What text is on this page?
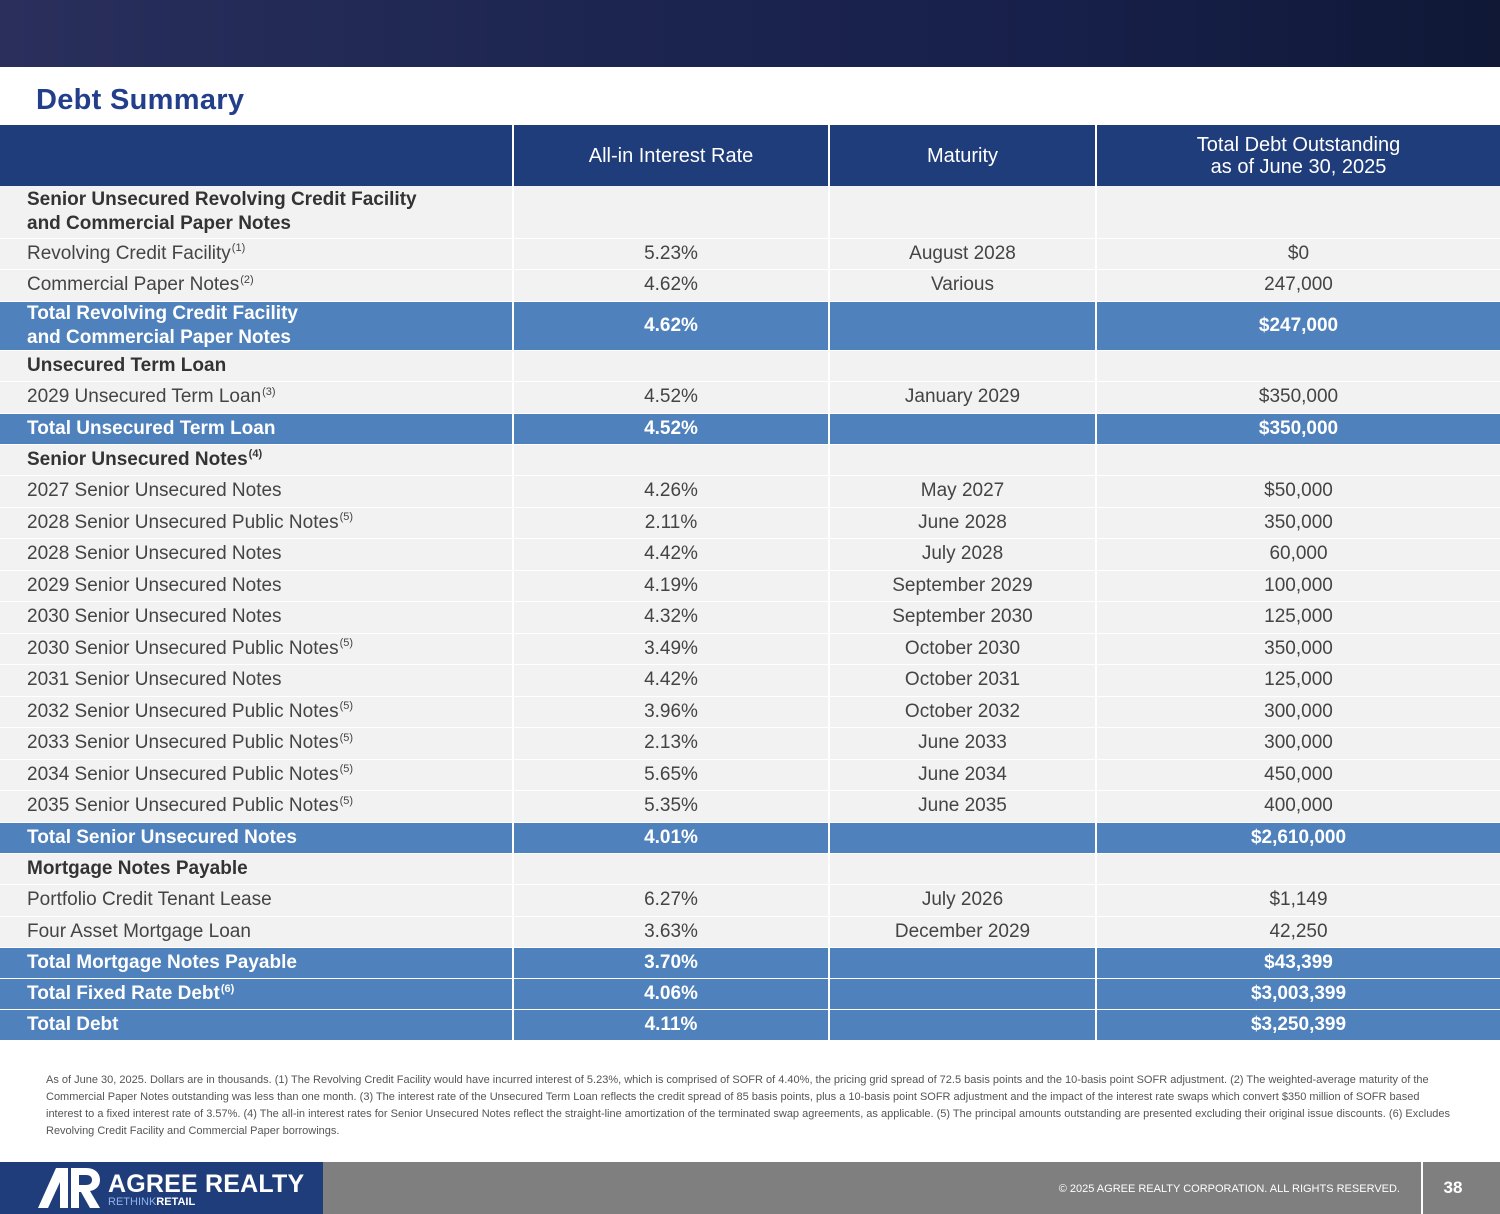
Debt Summary
	All-in Interest Rate	Maturity	Total Debt Outstanding
as of June 30, 2025

Senior Unsecured Revolving Credit Facility
and Commercial Paper Notes			

Revolving Credit Facility$^{(1)}$	5.23%	August 2028	$0
Commercial Paper Notes$^{(2)}$	4.62%	Various	247,000

Total Revolving Credit Facility
and Commercial Paper Notes	4.62%		$247,000
Unsecured Term Loan			
2029 Unsecured Term Loan$^{(3)}$	4.52%	January 2029	$350,000
Total Unsecured Term Loan	4.52%		$350,000
Senior Unsecured Notes$^{(4)}$			
2027 Senior Unsecured Notes	4.26%	May 2027	$50,000
2028 Senior Unsecured Public Notes$^{(5)}$	2.11%	June 2028	350,000
2028 Senior Unsecured Notes	4.42%	July 2028	60,000
2029 Senior Unsecured Notes	4.19%	September 2029	100,000
2030 Senior Unsecured Notes	4.32%	September 2030	125,000
2030 Senior Unsecured Public Notes$^{(5)}$	3.49%	October 2030	350,000
2031 Senior Unsecured Notes	4.42%	October 2031	125,000
2032 Senior Unsecured Public Notes$^{(5)}$	3.96%	October 2032	300,000
2033 Senior Unsecured Public Notes$^{(5)}$	2.13%	June 2033	300,000
2034 Senior Unsecured Public Notes$^{(5)}$	5.65%	June 2034	450,000
2035 Senior Unsecured Public Notes$^{(5)}$	5.35%	June 2035	400,000
Total Senior Unsecured Notes	4.01%		$2,610,000
Mortgage Notes Payable			
Portfolio Credit Tenant Lease	6.27%	July 2026	$1,149
Four Asset Mortgage Loan	3.63%	December 2029	42,250
Total Mortgage Notes Payable	3.70%		$43,399
Total Fixed Rate Debt$^{(6)}$	4.06%		$3,003,399
Total Debt	4.11%		$3,250,399
As of June 30, 2025. Dollars are in thousands. (1) The Revolving Credit Facility would have incurred interest of 5.23%, which is comprised of SOFR of 4.40%, the pricing grid spread of 72.5 basis points and the 10-basis point SOFR adjustment. (2) The weighted-average maturity of the Commercial Paper Notes outstanding was less than one month. (3) The interest rate of the Unsecured Term Loan reflects the credit spread of 85 basis points, plus a 10-basis point SOFR adjustment and the impact of the interest rate swaps which convert $350 million of SOFR based interest to a fixed interest rate of 3.57%. (4) The all-in interest rates for Senior Unsecured Notes reflect the straight-line amortization of the terminated swap agreements, as applicable. (5) The principal amounts outstanding are presented excluding their original issue discounts. (6) Excludes Revolving Credit Facility and Commercial Paper borrowings.
AGREE REALTY
RETHINKRETAIL
© 2025 AGREE REALTY CORPORATION. ALL RIGHTS RESERVED.	38
